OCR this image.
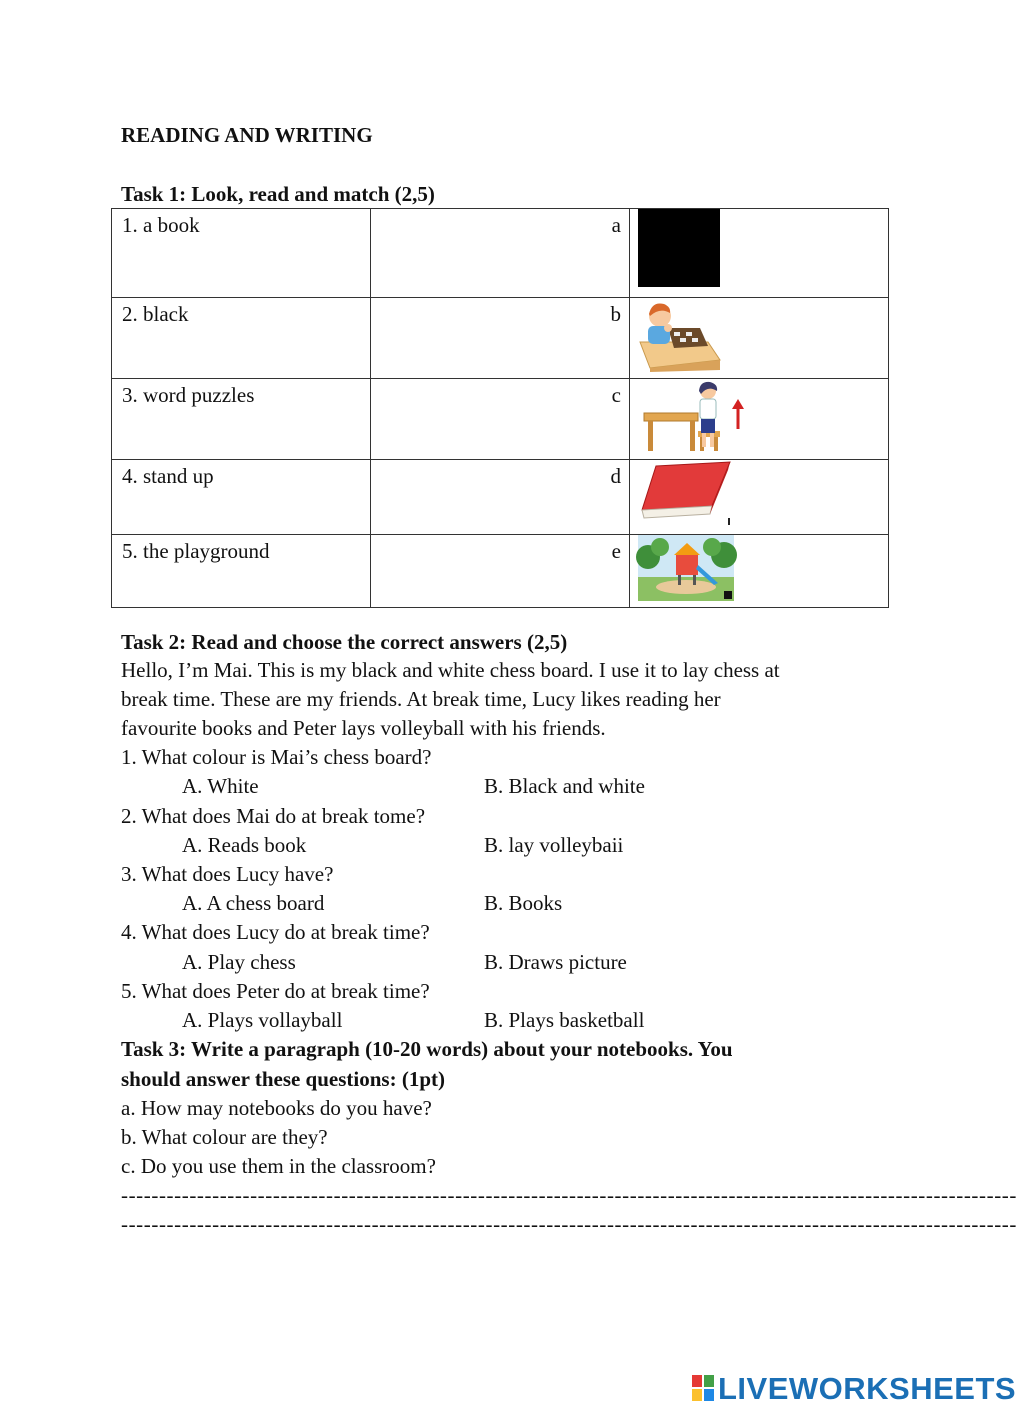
READING AND WRITING
Task 1: Look, read and match (2,5)
1. a book	a

2. black	b

3. word puzzles	c

4. stand up	d

5. the playground	e

Task 2: Read and choose the correct answers (2,5)
Hello, I’m Mai. This is my black and white chess board. I use it to lay chess at
break time. These are my friends. At break time, Lucy likes reading her
favourite books and Peter lays volleyball with his friends.
1. What colour is Mai’s chess board?
A. White	B. Black and white
2. What does Mai do at break tome?
A. Reads book	B. lay volleybaii
3. What does Lucy have?
A. A chess board	B. Books
4. What does Lucy do at break time?
A. Play chess	B. Draws picture
5. What does Peter do at break time?
A. Plays vollayball	B. Plays basketball
Task 3: Write a paragraph (10-20 words) about your notebooks. You
should answer these questions: (1pt)
a. How may notebooks do you have?
b. What colour are they?
c. Do you use them in the classroom?
----------------------------------------------------------------------------------------------------------------------
----------------------------------------------------------------------------------------------------------------------
LIVEWORKSHEETS
